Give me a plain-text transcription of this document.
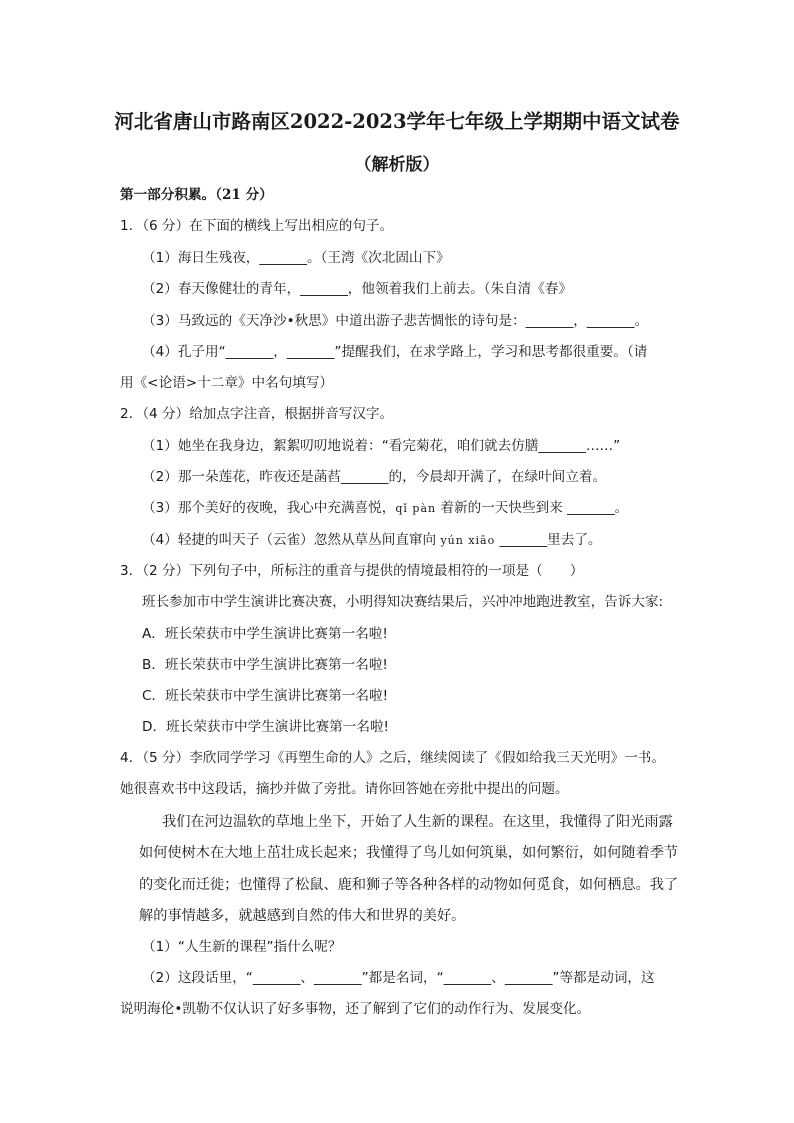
河北省唐山市路南区2022-2023学年七年级上学期期中语文试卷
（解析版）
第一部分积累。（21 分）
1．（6 分）在下面的横线上写出相应的句子。
（1）海日生残夜，_______。（王湾《次北固山下》
（2）春天像健壮的青年，_______，他领着我们上前去。（朱自清《春》
（3）马致远的《天净沙•秋思》中道出游子悲苦惆怅的诗句是：_______，_______。
（4）孔子用“_______，_______”提醒我们，在求学路上，学习和思考都很重要。（请
用《<论语>十二章》中名句填写）
2．（4 分）给加点字注音，根据拼音写汉字。
（1）她坐在我身边，絮絮叨叨地说着：“看完菊花，咱们就去仿膳_______……”
（2）那一朵莲花，昨夜还是菡萏_______的，今晨却开满了，在绿叶间立着。
（3）那个美好的夜晚，我心中充满喜悦，qǐ pàn 着新的一天快些到来 _______。
（4）轻捷的叫天子（云雀）忽然从草丛间直窜向 yún xiāo _______里去了。
3．（2 分）下列句子中，所标注的重音与提供的情境最相符的一项是（　　）
班长参加市中学生演讲比赛决赛，小明得知决赛结果后，兴冲冲地跑进教室，告诉大家:
A．班长荣获市中学生演讲比赛第一名啦!
B．班长荣获市中学生演讲比赛第一名啦!
C．班长荣获市中学生演讲比赛第一名啦!
D．班长荣获市中学生演讲比赛第一名啦!
4．（5 分）李欣同学学习《再塑生命的人》之后，继续阅读了《假如给我三天光明》一书。
她很喜欢书中这段话，摘抄并做了旁批。请你回答她在旁批中提出的问题。
我们在河边温软的草地上坐下，开始了人生新的课程。在这里，我懂得了阳光雨露
如何使树木在大地上茁壮成长起来；我懂得了鸟儿如何筑巢，如何繁衍，如何随着季节
的变化而迁徙；也懂得了松鼠、鹿和狮子等各种各样的动物如何觅食，如何栖息。我了
解的事情越多，就越感到自然的伟大和世界的美好。
（1）“人生新的课程”指什么呢？
（2）这段话里，“_______、_______”都是名词，“_______、_______”等都是动词，这
说明海伦•凯勒不仅认识了好多事物，还了解到了它们的动作行为、发展变化。
